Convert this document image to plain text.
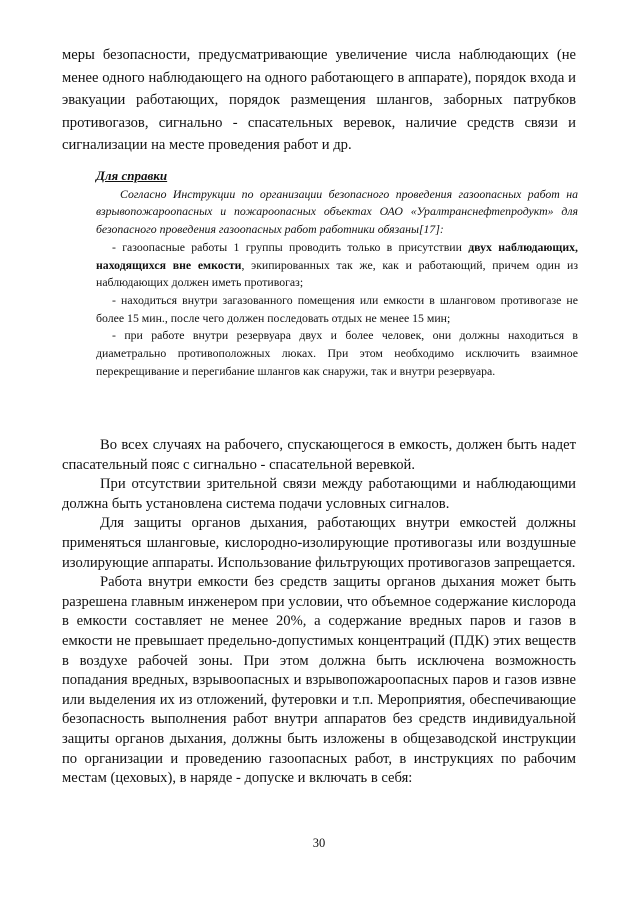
меры безопасности, предусматривающие увеличение числа наблюдающих (не менее одного наблюдающего на одного работающего в аппарате), порядок входа и эвакуации работающих, порядок размещения шлангов, заборных патрубков противогазов, сигнально - спасательных веревок, наличие средств связи и сигнализации на месте проведения работ и др.

Для справки
Согласно Инструкции по организации безопасного проведения газоопасных работ на взрывопожароопасных и пожароопасных объектах ОАО «Уралтранснефтепродукт» для безопасного проведения газоопасных работ работники обязаны[17]:
- газоопасные работы 1 группы проводить только в присутствии двух наблюдающих, находящихся вне емкости, экипированных так же, как и работающий, причем один из наблюдающих должен иметь противогаз;
- находиться внутри загазованного помещения или емкости в шланговом противогазе не более 15 мин., после чего должен последовать отдых не менее 15 мин;
- при работе внутри резервуара двух и более человек, они должны находиться в диаметрально противоположных люках. При этом необходимо исключить взаимное перекрещивание и перегибание шлангов как снаружи, так и внутри резервуара.

Во всех случаях на рабочего, спускающегося в емкость, должен быть надет спасательный пояс с сигнально - спасательной веревкой.

При отсутствии зрительной связи между работающими и наблюдающими должна быть установлена система подачи условных сигналов.

Для защиты органов дыхания, работающих внутри емкостей должны применяться шланговые, кислородно-изолирующие противогазы или воздушные изолирующие аппараты. Использование фильтрующих противогазов запрещается.

Работа внутри емкости без средств защиты органов дыхания может быть разрешена главным инженером при условии, что объемное содержание кислорода в емкости составляет не менее 20%, а содержание вредных паров и газов в емкости не превышает предельно-допустимых концентраций (ПДК) этих веществ в воздухе рабочей зоны. При этом должна быть исключена возможность попадания вредных, взрывоопасных и взрывопожароопасных паров и газов извне или выделения их из отложений, футеровки и т.п. Мероприятия, обеспечивающие безопасность выполнения работ внутри аппаратов без средств индивидуальной защиты органов дыхания, должны быть изложены в общезаводской инструкции по организации и проведению газоопасных работ, в инструкциях по рабочим местам (цеховых), в наряде - допуске и включать в себя:

30
